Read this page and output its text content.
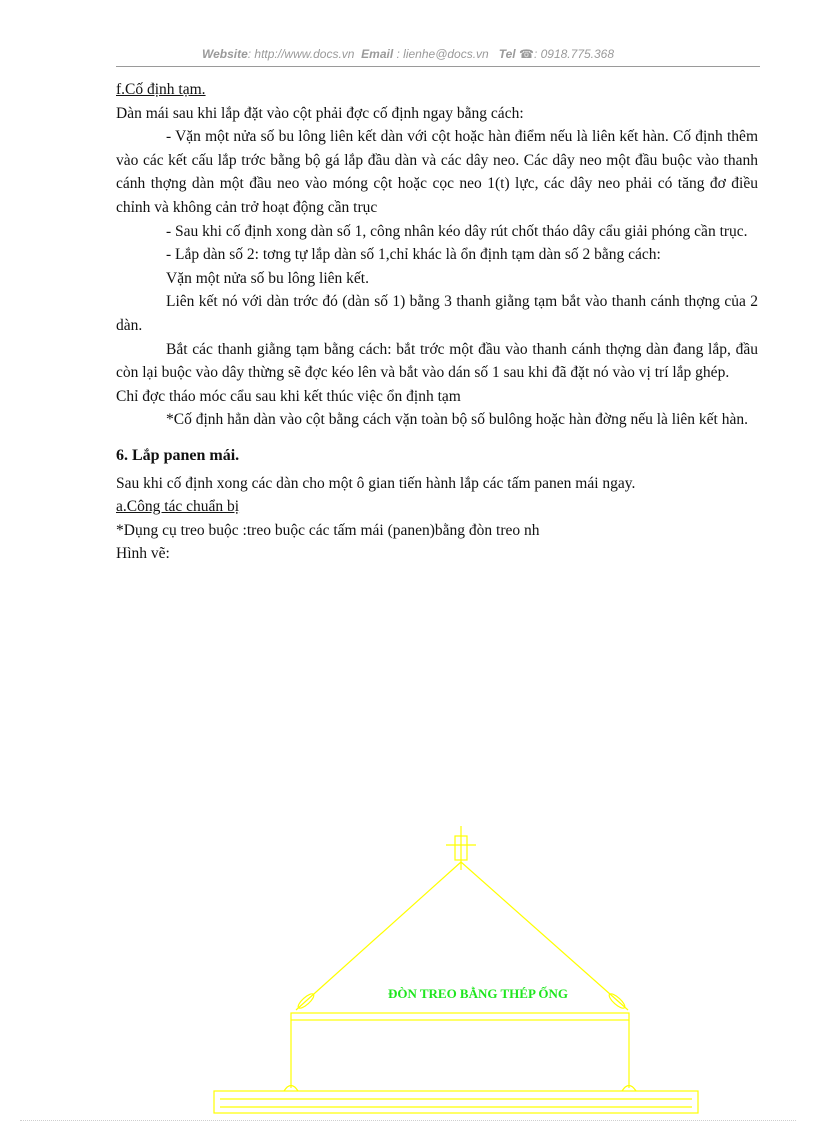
Website: http://www.docs.vn Email : lienhe@docs.vn Tel ☎: 0918.775.368

f.Cố định tạm.

Dàn mái sau khi lắp đặt vào cột phải đợc cố định ngay bằng cách:

- Vặn một nửa số bu lông liên kết dàn với cột hoặc hàn điểm nếu là liên kết hàn. Cố định thêm vào các kết cấu lắp trớc bằng bộ gá lắp đầu dàn và các dây neo. Các dây neo một đầu buộc vào thanh cánh thợng dàn một đầu neo vào móng cột hoặc cọc neo 1(t) lực, các dây neo phải có tăng đơ điều chỉnh và không cản trở hoạt động cần trục

- Sau khi cố định xong dàn số 1, công nhân kéo dây rút chốt tháo dây cẩu giải phóng cần trục.

- Lắp dàn số 2: tơng tự lắp dàn số 1,chỉ khác là ổn định tạm dàn số 2 bằng cách:

Vặn một nửa số bu lông liên kết.

Liên kết nó với dàn trớc đó (dàn số 1) bằng 3 thanh giằng tạm bắt vào thanh cánh thợng của 2 dàn.

Bắt các thanh giằng tạm bằng cách: bắt trớc một đầu vào thanh cánh thợng dàn đang lắp, đầu còn lại buộc vào dây thừng sẽ đợc kéo lên và bắt vào dán số 1 sau khi đã đặt nó vào vị trí lắp ghép.

Chỉ đợc tháo móc cẩu sau khi kết thúc việc ổn định tạm

*Cố định hẳn dàn vào cột bằng cách vặn toàn bộ số bulông hoặc hàn đờng nếu là liên kết hàn.

6. Lắp panen mái.

Sau khi cố định xong các dàn cho một ô gian tiến hành lắp các tấm panen mái ngay.

a.Công tác chuẩn bị

*Dụng cụ treo buộc :treo buộc các tấm mái (panen)bằng đòn treo nh

Hình vẽ:

ĐÒN TREO BẰNG THÉP ỐNG
